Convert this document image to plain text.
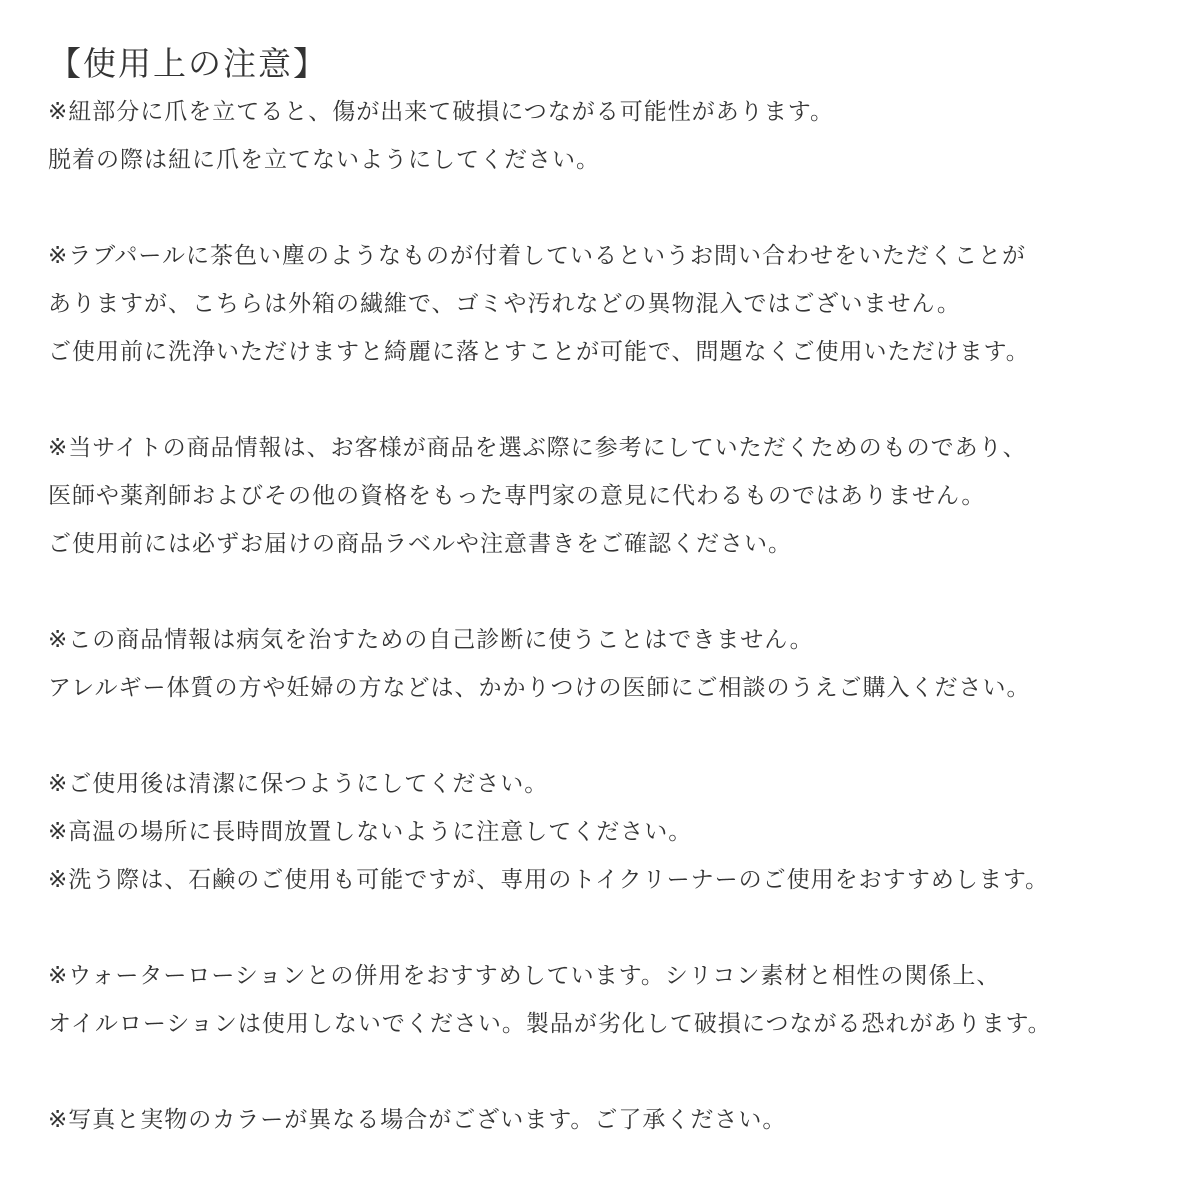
【使用上の注意】
※紐部分に爪を立てると、傷が出来て破損につながる可能性があります。
脱着の際は紐に爪を立てないようにしてください。
※ラブパールに茶色い塵のようなものが付着しているというお問い合わせをいただくことが
ありますが、こちらは外箱の繊維で、ゴミや汚れなどの異物混入ではございません。
ご使用前に洗浄いただけますと綺麗に落とすことが可能で、問題なくご使用いただけます。
※当サイトの商品情報は、お客様が商品を選ぶ際に参考にしていただくためのものであり、
医師や薬剤師およびその他の資格をもった専門家の意見に代わるものではありません。
ご使用前には必ずお届けの商品ラベルや注意書きをご確認ください。
※この商品情報は病気を治すための自己診断に使うことはできません。
アレルギー体質の方や妊婦の方などは、かかりつけの医師にご相談のうえご購入ください。
※ご使用後は清潔に保つようにしてください。
※高温の場所に長時間放置しないように注意してください。
※洗う際は、石鹸のご使用も可能ですが、専用のトイクリーナーのご使用をおすすめします。
※ウォーターローションとの併用をおすすめしています。シリコン素材と相性の関係上、
オイルローションは使用しないでください。製品が劣化して破損につながる恐れがあります。
※写真と実物のカラーが異なる場合がございます。ご了承ください。
